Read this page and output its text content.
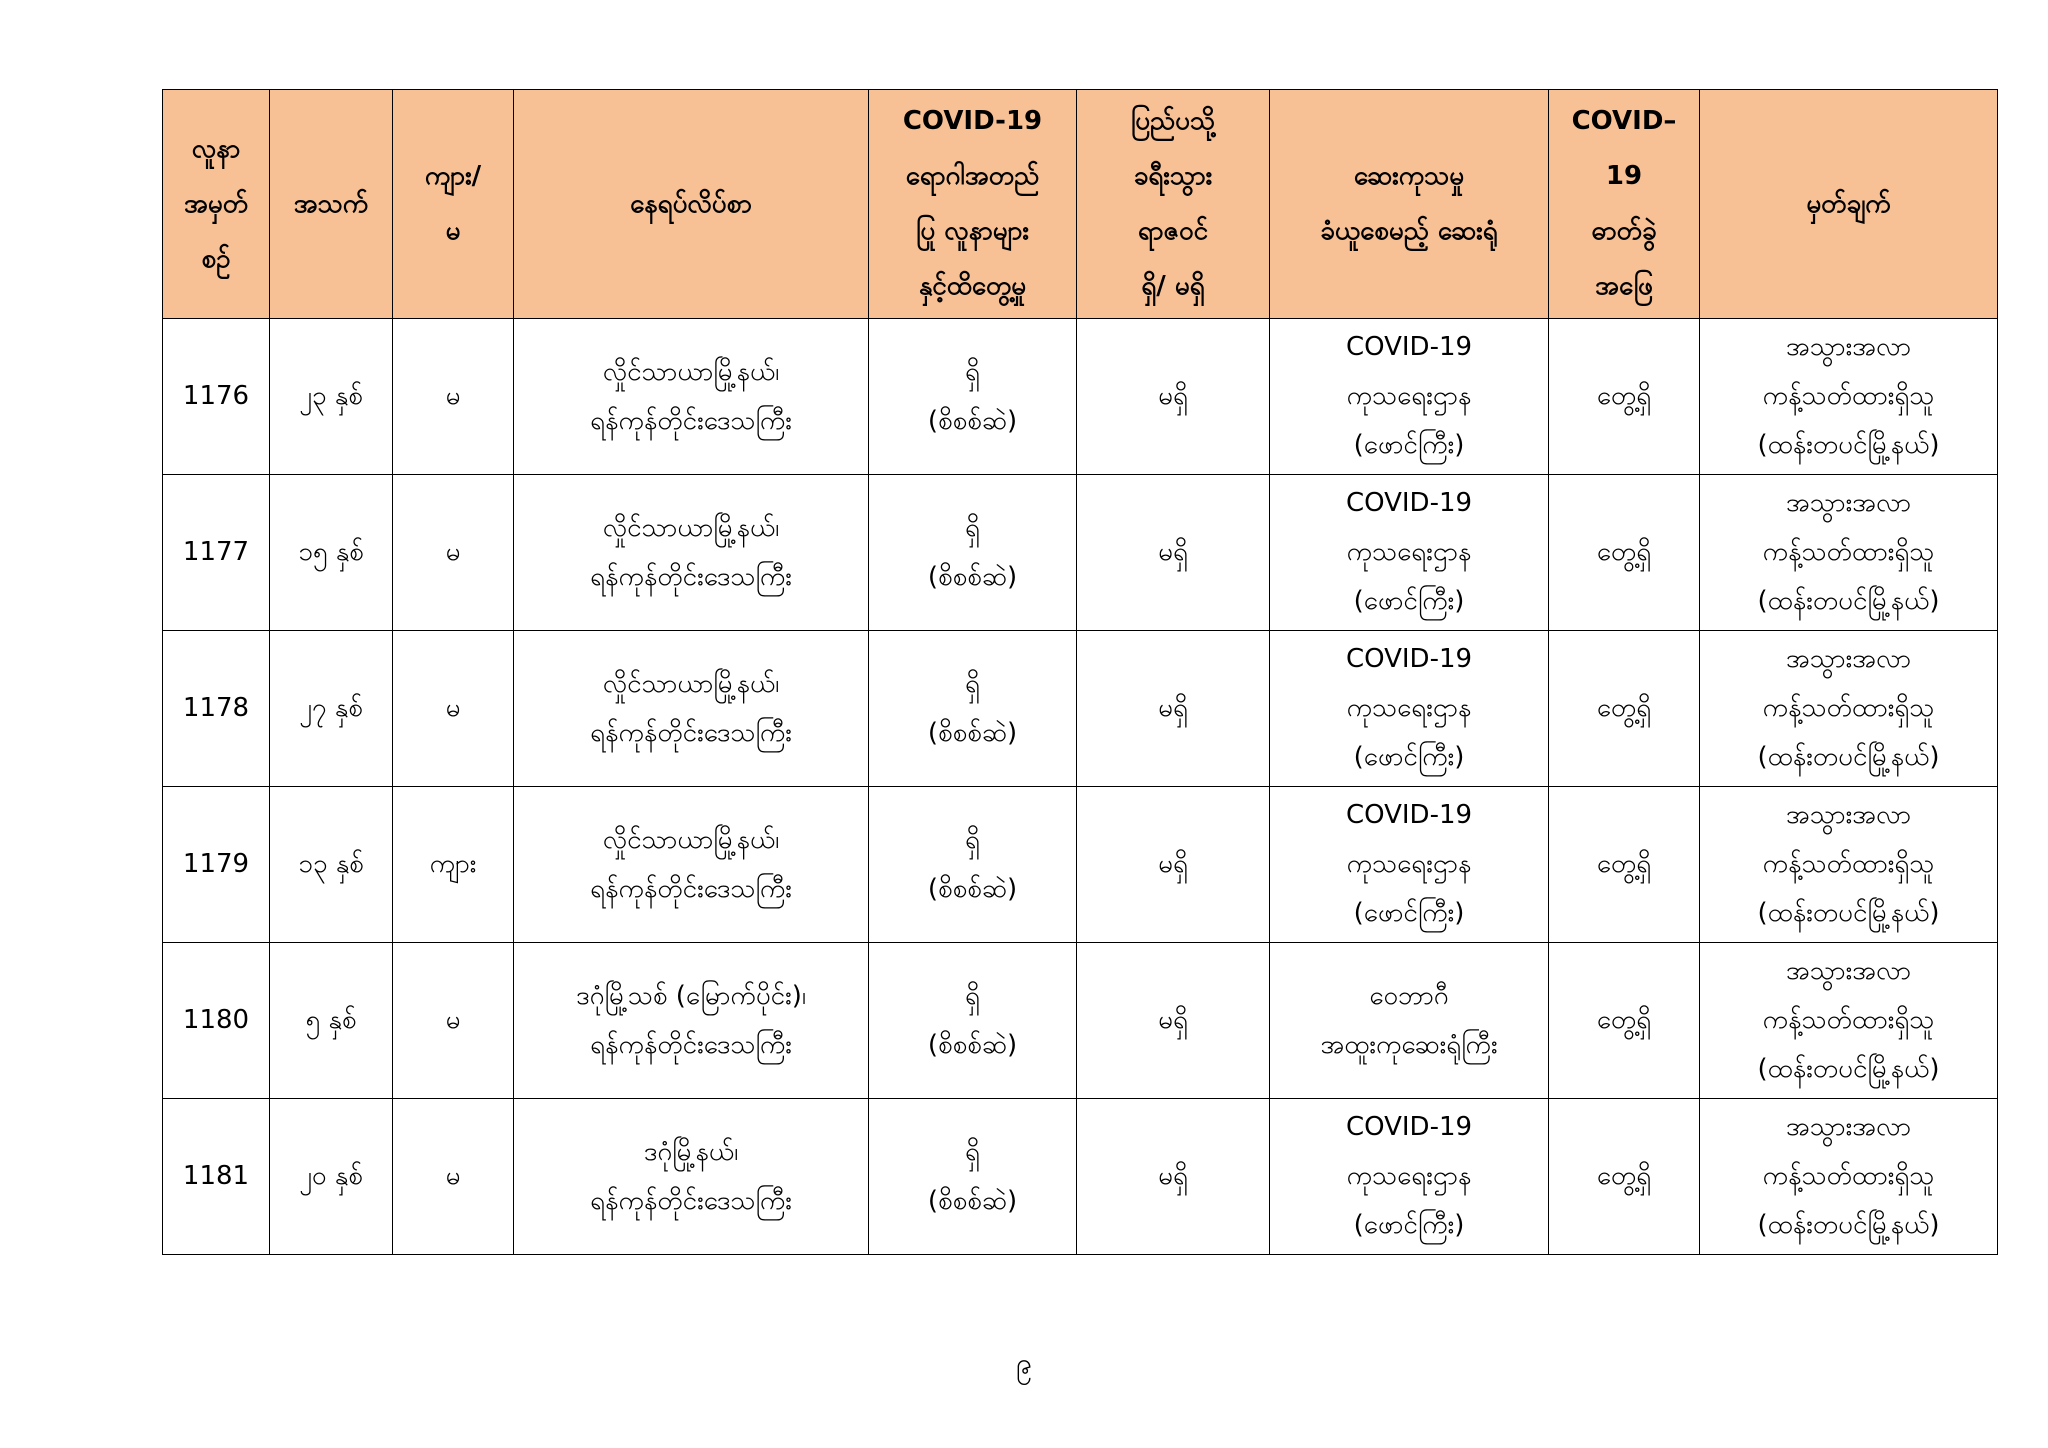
လူနာ
အမှတ်
စဉ်	အသက်	ကျား/
မ	နေရပ်လိပ်စာ	COVID-19
ရောဂါအတည်
ပြု လူနာများ
နှင့်ထိတွေ့မှု	ပြည်ပသို့
ခရီးသွား
ရာဇဝင်
ရှိ/ မရှိ	ဆေးကုသမှု
ခံယူစေမည့် ဆေးရုံ	COVID–
19
ဓာတ်ခွဲ
အဖြေ	မှတ်ချက်

1176	၂၃ နှစ်	မ	လှိုင်သာယာမြို့နယ်၊
ရန်ကုန်တိုင်းဒေသကြီး	ရှိ
(စိစစ်ဆဲ)	မရှိ	COVID-19
ကုသရေးဌာန
(ဖောင်ကြီး)	တွေ့ရှိ	အသွားအလာ
ကန့်သတ်ထားရှိသူ
(ထန်းတပင်မြို့နယ်)

1177	၁၅ နှစ်	မ	လှိုင်သာယာမြို့နယ်၊
ရန်ကုန်တိုင်းဒေသကြီး	ရှိ
(စိစစ်ဆဲ)	မရှိ	COVID-19
ကုသရေးဌာန
(ဖောင်ကြီး)	တွေ့ရှိ	အသွားအလာ
ကန့်သတ်ထားရှိသူ
(ထန်းတပင်မြို့နယ်)

1178	၂၇ နှစ်	မ	လှိုင်သာယာမြို့နယ်၊
ရန်ကုန်တိုင်းဒေသကြီး	ရှိ
(စိစစ်ဆဲ)	မရှိ	COVID-19
ကုသရေးဌာန
(ဖောင်ကြီး)	တွေ့ရှိ	အသွားအလာ
ကန့်သတ်ထားရှိသူ
(ထန်းတပင်မြို့နယ်)

1179	၁၃ နှစ်	ကျား	လှိုင်သာယာမြို့နယ်၊
ရန်ကုန်တိုင်းဒေသကြီး	ရှိ
(စိစစ်ဆဲ)	မရှိ	COVID-19
ကုသရေးဌာန
(ဖောင်ကြီး)	တွေ့ရှိ	အသွားအလာ
ကန့်သတ်ထားရှိသူ
(ထန်းတပင်မြို့နယ်)

1180	၅ နှစ်	မ	ဒဂုံမြို့သစ် (မြောက်ပိုင်း)၊
ရန်ကုန်တိုင်းဒေသကြီး	ရှိ
(စိစစ်ဆဲ)	မရှိ	ဝေဘာဂီ
အထူးကုဆေးရုံကြီး	တွေ့ရှိ	အသွားအလာ
ကန့်သတ်ထားရှိသူ
(ထန်းတပင်မြို့နယ်)

1181	၂၀ နှစ်	မ	ဒဂုံမြို့နယ်၊
ရန်ကုန်တိုင်းဒေသကြီး	ရှိ
(စိစစ်ဆဲ)	မရှိ	COVID-19
ကုသရေးဌာန
(ဖောင်ကြီး)	တွေ့ရှိ	အသွားအလာ
ကန့်သတ်ထားရှိသူ
(ထန်းတပင်မြို့နယ်)
၉
